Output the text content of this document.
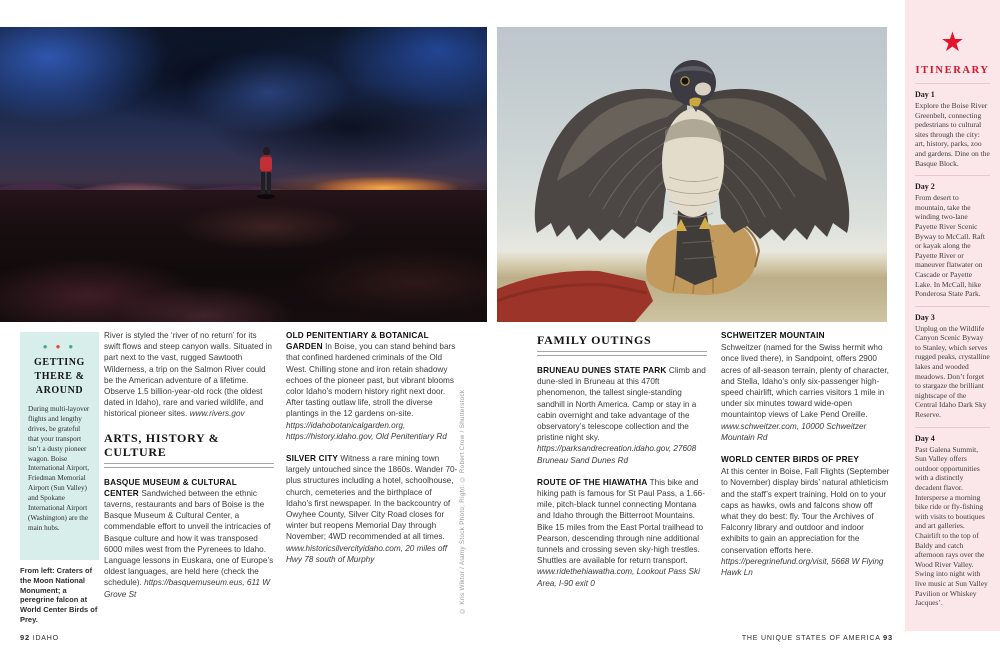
★
ITINERARY
Day 1
Explore the Boise River Greenbelt, connecting pedestrians to cultural sites through the city: art, history, parks, zoo and gardens. Dine on the Basque Block.
Day 2
From desert to mountain, take the winding two-lane Payette River Scenic Byway to McCall. Raft or kayak along the Payette River or maneuver flatwater on Cascade or Payette Lake. In McCall, hike Ponderosa State Park.
Day 3
Unplug on the Wildlife Canyon Scenic Byway to Stanley, which serves rugged peaks, crystalline lakes and wooded meadows. Don’t forget to stargaze the brilliant nightscape of the Central Idaho Dark Sky Reserve.
Day 4
Past Galena Summit, Sun Valley offers outdoor opportunities with a distinctly decadent flavor. Intersperse a morning bike ride or fly-fishing with visits to boutiques and art galleries. Chairlift to the top of Baldy and catch afternoon rays over the Wood River Valley. Swing into night with live music at Sun Valley Pavilion or Whiskey Jacques’.
● ● ●
GETTING THERE & AROUND
During multi-layover flights and lengthy drives, be grateful that your transport isn’t a dusty pioneer wagon. Boise International Airport, Friedman Memorial Airport (Sun Valley) and Spokane International Airport (Washington) are the main hubs.
From left: Craters of the Moon National Monument; a peregrine falcon at World Center Birds of Prey.

River is styled the ‘river of no return’ for its swift flows and steep canyon walls. Situated in part next to the vast, rugged Sawtooth Wilderness, a trip on the Salmon River could be the American adventure of a lifetime. Observe 1.5 billion-year-old rock (the oldest dated in Idaho), rare and varied wildlife, and historical pioneer sites. www.rivers.gov

ARTS, HISTORY & CULTURE

BASQUE MUSEUM & CULTURAL CENTER Sandwiched between the ethnic taverns, restaurants and bars of Boise is the Basque Museum & Cultural Center, a commendable effort to unveil the intricacies of Basque culture and how it was transposed 6000 miles west from the Pyrenees to Idaho. Language lessons in Euskara, one of Europe’s oldest languages, are held here (check the schedule). https://basquemuseum.eus, 611 W Grove St

OLD PENITENTIARY & BOTANICAL GARDEN In Boise, you can stand behind bars that confined hardened criminals of the Old West. Chilling stone and iron retain shadowy echoes of the pioneer past, but vibrant blooms color Idaho’s modern history right next door. After tasting outlaw life, stroll the diverse plantings in the 12 gardens on-site. https://idahobotanicalgarden.org, https://history.idaho.gov, Old Penitentiary Rd

SILVER CITY Witness a rare mining town largely untouched since the 1860s. Wander 70-plus structures including a hotel, schoolhouse, church, cemeteries and the birthplace of Idaho’s first newspaper. In the backcountry of Owyhee County, Silver City Road closes for winter but reopens Memorial Day through November; 4WD recommended at all times. www.historicsilvercityidaho.com, 20 miles off Hwy 78 south of Murphy

FAMILY OUTINGS

BRUNEAU DUNES STATE PARK Climb and dune-sled in Bruneau at this 470ft phenomenon, the tallest single-standing sandhill in North America. Camp or stay in a cabin overnight and take advantage of the observatory’s telescope collection and the pristine night sky. https://parksandrecreation.idaho.gov, 27608 Bruneau Sand Dunes Rd

ROUTE OF THE HIAWATHA This bike and hiking path is famous for St Paul Pass, a 1.66-mile, pitch-black tunnel connecting Montana and Idaho through the Bitterroot Mountains. Bike 15 miles from the East Portal trailhead to Pearson, descending through nine additional tunnels and crossing seven sky-high trestles. Shuttles are available for return transport. www.ridethehiawatha.com, Lookout Pass Ski Area, I-90 exit 0

SCHWEITZER MOUNTAIN
Schweitzer (named for the Swiss hermit who once lived there), in Sandpoint, offers 2900 acres of all-season terrain, plenty of character, and Stella, Idaho’s only six-passenger high-speed chairlift, which carries visitors 1 mile in under six minutes toward wide-open mountaintop views of Lake Pend Oreille. www.schweitzer.com, 10000 Schweitzer Mountain Rd

WORLD CENTER BIRDS OF PREY
At this center in Boise, Fall Flights (September to November) display birds’ natural athleticism and the staff’s expert training. Hold on to your caps as hawks, owls and falcons show off what they do best: fly. Tour the Archives of Falconry library and outdoor and indoor exhibits to gain an appreciation for the conservation efforts here. https://peregrinefund.org/visit, 5668 W Flying Hawk Ln

© Kris Wiktor / Alamy Stock Photo; Right: © Robert Crow / Shutterstock
92 IDAHO	THE UNIQUE STATES OF AMERICA 93
